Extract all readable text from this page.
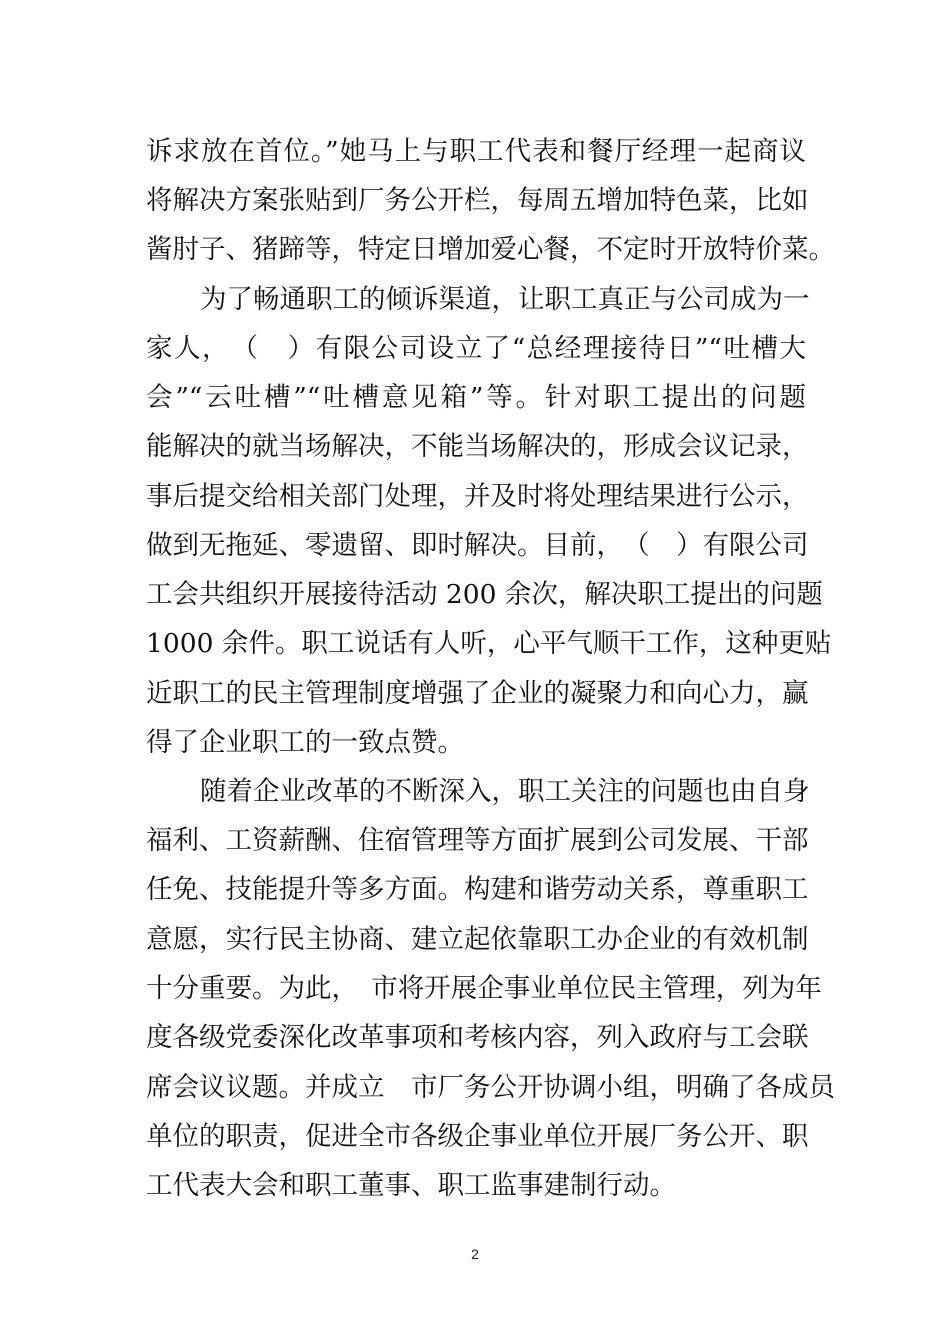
诉求放在首位。”她马上与职工代表和餐厅经理一起商议
将解决方案张贴到厂务公开栏，每周五增加特色菜，比如
酱肘子、猪蹄等，特定日增加爱心餐，不定时开放特价菜。
为了畅通职工的倾诉渠道，让职工真正与公司成为一
家人，　（　）有限公司设立了“总经理接待日”“吐槽大
会”“云吐槽”“吐槽意见箱”等。针对职工提出的问题
能解决的就当场解决，不能当场解决的，形成会议记录，
事后提交给相关部门处理，并及时将处理结果进行公示，
做到无拖延、零遗留、即时解决。目前，　（　）有限公司
工会共组织开展接待活动 200 余次，解决职工提出的问题
1000 余件。职工说话有人听，心平气顺干工作，这种更贴
近职工的民主管理制度增强了企业的凝聚力和向心力，赢
得了企业职工的一致点赞。
随着企业改革的不断深入，职工关注的问题也由自身
福利、工资薪酬、住宿管理等方面扩展到公司发展、干部
任免、技能提升等多方面。构建和谐劳动关系，尊重职工
意愿，实行民主协商、建立起依靠职工办企业的有效机制
十分重要。为此，　市将开展企事业单位民主管理，列为年
度各级党委深化改革事项和考核内容，列入政府与工会联
席会议议题。并成立　市厂务公开协调小组，明确了各成员
单位的职责，促进全市各级企事业单位开展厂务公开、职
工代表大会和职工董事、职工监事建制行动。
2
